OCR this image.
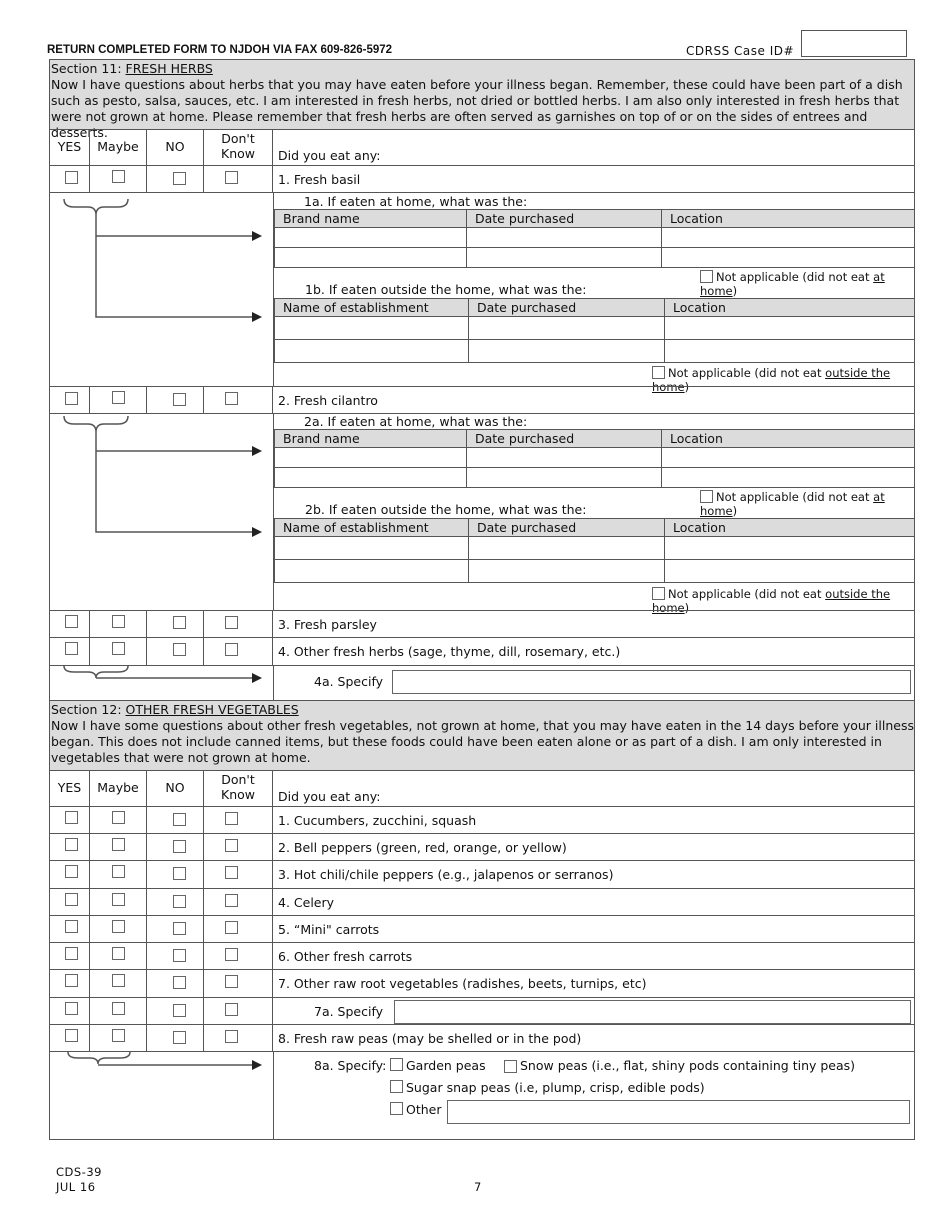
RETURN COMPLETED FORM TO NJDOH VIA FAX 609-826-5972	CDRSS Case ID#
Section 11: FRESH HERBS
Now I have questions about herbs that you may have eaten before your illness began. Remember, these could have been part of a dish such as pesto, salsa, sauces, etc. I am interested in fresh herbs, not dried or bottled herbs. I am also only interested in fresh herbs that were not grown at home. Please remember that fresh herbs are often served as garnishes on top of or on the sides of entrees and desserts.
YES	Maybe	NO
Don't
Know	Did you eat any:
1. Fresh basil
1a. If eaten at home, what was the:
Brand name	Date purchased	Location

Not applicable (did not eat at home)
1b. If eaten outside the home, what was the:
Name of establishment	Date purchased	Location

Not applicable (did not eat outside the home)
2. Fresh cilantro
2a. If eaten at home, what was the:
Brand name	Date purchased	Location

Not applicable (did not eat at home)
2b. If eaten outside the home, what was the:
Name of establishment	Date purchased	Location

Not applicable (did not eat outside the home)
3. Fresh parsley
4. Other fresh herbs (sage, thyme, dill, rosemary, etc.)
4a. Specify
Section 12: OTHER FRESH VEGETABLES
Now I have some questions about other fresh vegetables, not grown at home, that you may have eaten in the 14 days before your illness began. This does not include canned items, but these foods could have been eaten alone or as part of a dish. I am only interested in vegetables that were not grown at home.
YES	Maybe	NO
Don't
Know	Did you eat any:
1. Cucumbers, zucchini, squash
2. Bell peppers (green, red, orange, or yellow)
3. Hot chili/chile peppers (e.g., jalapenos or serranos)
4. Celery
5. “Mini" carrots
6. Other fresh carrots
7. Other raw root vegetables (radishes, beets, turnips, etc)
7a. Specify
8. Fresh raw peas (may be shelled or in the pod)
8a. Specify: Garden peas	Snow peas (i.e., flat, shiny pods containing tiny peas)
Sugar snap peas (i.e, plump, crisp, edible pods)
Other
CDS-39
JUL 16	7
